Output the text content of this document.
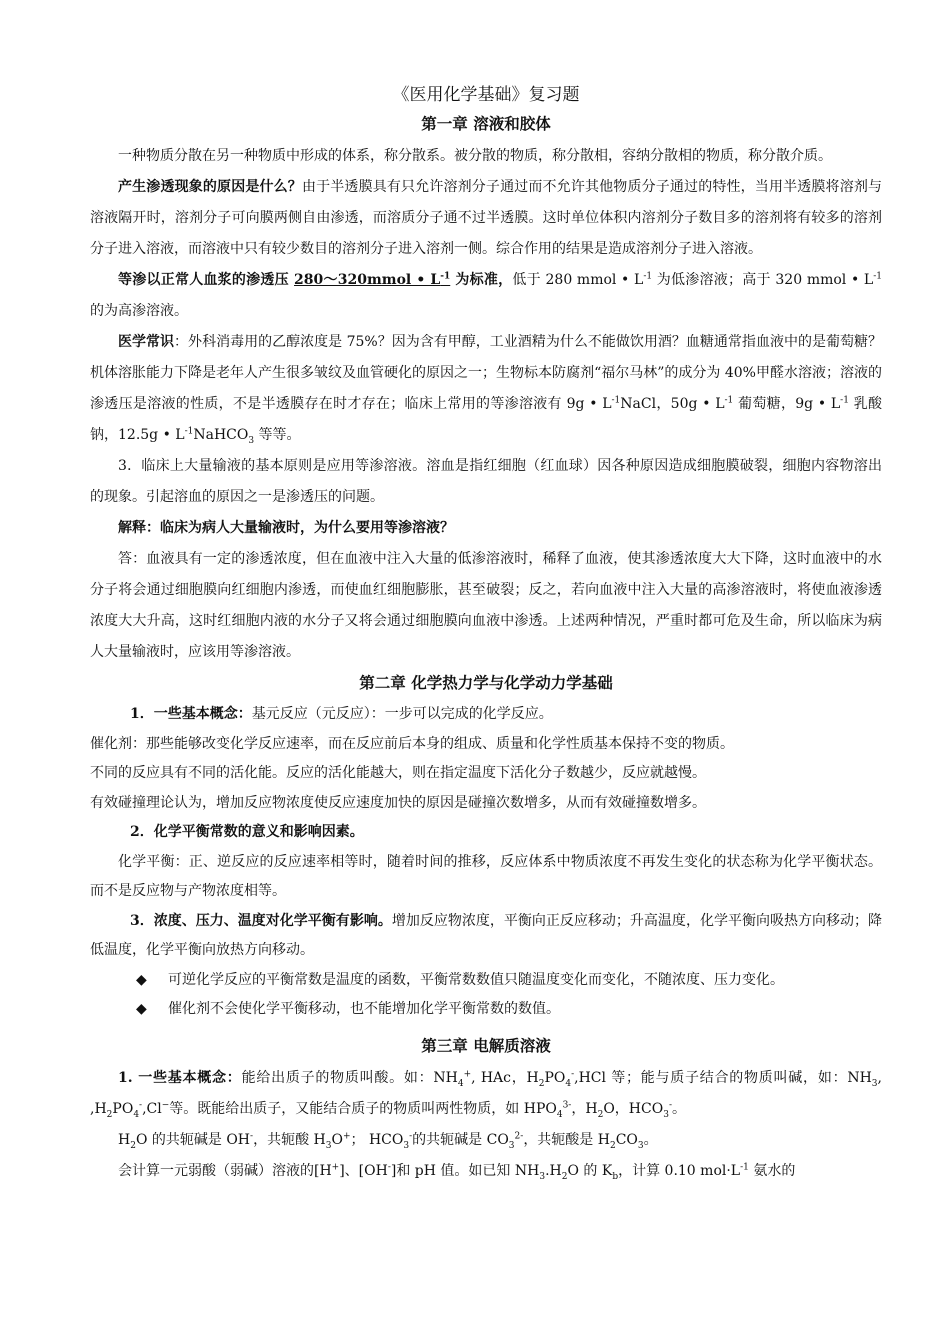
《医用化学基础》复习题
第一章 溶液和胶体

一种物质分散在另一种物质中形成的体系，称分散系。被分散的物质，称分散相，容纳分散相的物质，称分散介质。

产生渗透现象的原因是什么？由于半透膜具有只允许溶剂分子通过而不允许其他物质分子通过的特性，当用半透膜将溶剂与溶液隔开时，溶剂分子可向膜两侧自由渗透，而溶质分子通不过半透膜。这时单位体积内溶剂分子数目多的溶剂将有较多的溶剂分子进入溶液，而溶液中只有较少数目的溶剂分子进入溶剂一侧。综合作用的结果是造成溶剂分子进入溶液。

等渗以正常人血浆的渗透压 280～320mmol • $L^{-1}$ 为标准，低于 280 mmol • $L^{-1}$ 为低渗溶液；高于 320 mmol • $L^{-1}$ 的为高渗溶液。

医学常识：外科消毒用的乙醇浓度是 75%？因为含有甲醇，工业酒精为什么不能做饮用酒？血糖通常指血液中的是葡萄糖？机体溶胀能力下降是老年人产生很多皱纹及血管硬化的原因之一；生物标本防腐剂“福尔马林”的成分为 40%甲醛水溶液；溶液的渗透压是溶液的性质，不是半透膜存在时才存在；临床上常用的等渗溶液有 9g • $L^{-1}NaCl$，50g • $L^{-1}$ 葡萄糖，9g • $L^{-1}$ 乳酸钠，12.5g • $L^{-1}NaHCO_3$ 等等。

3．临床上大量输液的基本原则是应用等渗溶液。溶血是指红细胞（红血球）因各种原因造成细胞膜破裂，细胞内容物溶出的现象。引起溶血的原因之一是渗透压的问题。

解释：临床为病人大量输液时，为什么要用等渗溶液？

答：血液具有一定的渗透浓度，但在血液中注入大量的低渗溶液时，稀释了血液，使其渗透浓度大大下降，这时血液中的水分子将会通过细胞膜向红细胞内渗透，而使血红细胞膨胀，甚至破裂；反之，若向血液中注入大量的高渗溶液时，将使血液渗透浓度大大升高，这时红细胞内液的水分子又将会通过细胞膜向血液中渗透。上述两种情况，严重时都可危及生命，所以临床为病人大量输液时，应该用等渗溶液。

第二章 化学热力学与化学动力学基础

1．一些基本概念：基元反应（元反应）：一步可以完成的化学反应。

催化剂：那些能够改变化学反应速率，而在反应前后本身的组成、质量和化学性质基本保持不变的物质。

不同的反应具有不同的活化能。反应的活化能越大，则在指定温度下活化分子数越少，反应就越慢。

有效碰撞理论认为，增加反应物浓度使反应速度加快的原因是碰撞次数增多，从而有效碰撞数增多。

2．化学平衡常数的意义和影响因素。

化学平衡：正、逆反应的反应速率相等时，随着时间的推移，反应体系中物质浓度不再发生变化的状态称为化学平衡状态。而不是反应物与产物浓度相等。

3．浓度、压力、温度对化学平衡有影响。增加反应物浓度，平衡向正反应移动；升高温度，化学平衡向吸热方向移动；降低温度，化学平衡向放热方向移动。

◆ 可逆化学反应的平衡常数是温度的函数，平衡常数数值只随温度变化而变化，不随浓度、压力变化。

◆ 催化剂不会使化学平衡移动，也不能增加化学平衡常数的数值。

第三章 电解质溶液

1. 一些基本概念：能给出质子的物质叫酸。如：$NH_4^+$, HAc，$H_2PO_4^-,HCl$ 等；能与质子结合的物质叫碱，如：$NH_3$, $,H_2PO_4^-,Cl^-$等。既能给出质子，又能结合质子的物质叫两性物质，如 $HPO_4^{3-}$，$H_2O$，$HCO_3^-$。

$H_2O$ 的共轭碱是 OH-，共轭酸 $H_3O^+$； $HCO_3^-$的共轭碱是 $CO_3^{2-}$，共轭酸是 $H_2CO_3$。

会计算一元弱酸（弱碱）溶液的[H+]、[OH-]和 pH 值。如已知 $NH_3.H_2O$ 的 $K_b$，计算 0.10 $mol\cdot L^{-1}$ 氨水的
